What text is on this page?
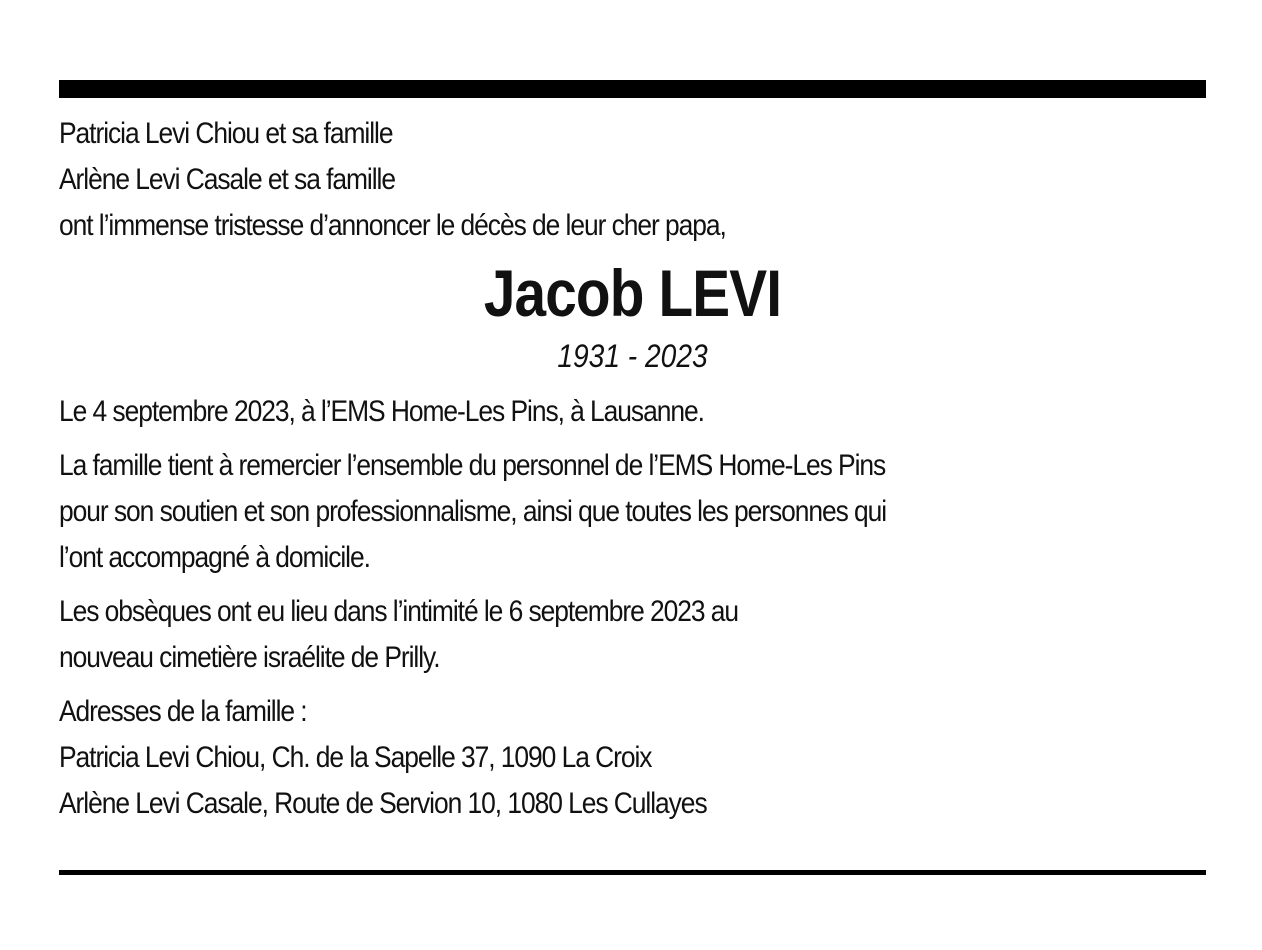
Patricia Levi Chiou et sa famille
Arlène Levi Casale et sa famille
ont l’immense tristesse d’annoncer le décès de leur cher papa,
Jacob LEVI
1931 - 2023
Le 4 septembre 2023, à l’EMS Home-Les Pins, à Lausanne.
La famille tient à remercier l’ensemble du personnel de l’EMS Home-Les Pins
pour son soutien et son professionnalisme, ainsi que toutes les personnes qui
l’ont accompagné à domicile.
Les obsèques ont eu lieu dans l’intimité le 6 septembre 2023 au
nouveau cimetière israélite de Prilly.
Adresses de la famille :
Patricia Levi Chiou, Ch. de la Sapelle 37, 1090 La Croix
Arlène Levi Casale, Route de Servion 10, 1080 Les Cullayes
